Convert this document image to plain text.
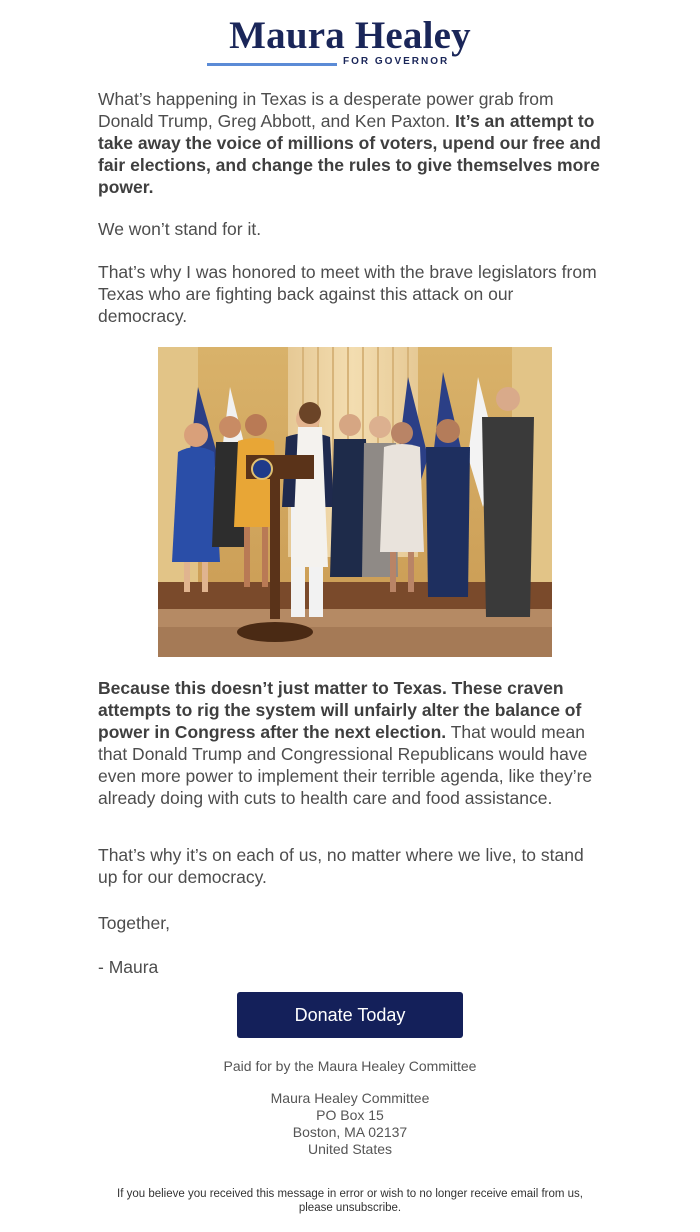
Maura Healey
FOR GOVERNOR

What’s happening in Texas is a desperate power grab from Donald Trump, Greg Abbott, and Ken Paxton. It’s an attempt to take away the voice of millions of voters, upend our free and fair elections, and change the rules to give themselves more power.

We won’t stand for it.

That’s why I was honored to meet with the brave legislators from Texas who are fighting back against this attack on our democracy.

Because this doesn’t just matter to Texas. These craven attempts to rig the system will unfairly alter the balance of power in Congress after the next election. That would mean that Donald Trump and Congressional Republicans would have even more power to implement their terrible agenda, like they’re already doing with cuts to health care and food assistance.

That’s why it’s on each of us, no matter where we live, to stand up for our democracy.

Together,

- Maura

Donate Today
Paid for by the Maura Healey Committee
Maura Healey Committee
PO Box 15
Boston, MA 02137
United States
If you believe you received this message in error or wish to no longer receive email from us,
please unsubscribe.
